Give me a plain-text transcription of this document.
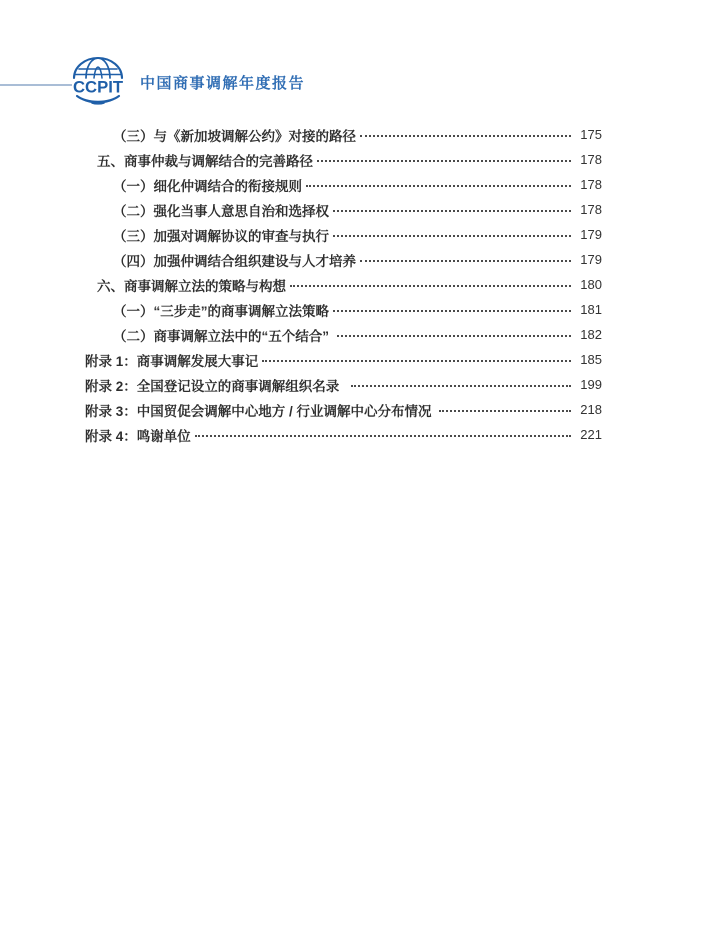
CCPIT 中国商事调解年度报告
（三）与《新加坡调解公约》对接的路径	175
五、商事仲裁与调解结合的完善路径	178
（一）细化仲调结合的衔接规则	178
（二）强化当事人意思自治和选择权	178
（三）加强对调解协议的审查与执行	179
（四）加强仲调结合组织建设与人才培养	179
六、商事调解立法的策略与构想	180
（一）“三步走”的商事调解立法策略	181
（二）商事调解立法中的“五个结合”	182
附录 1：商事调解发展大事记	185
附录 2：全国登记设立的商事调解组织名录	199
附录 3：中国贸促会调解中心地方 / 行业调解中心分布情况	218
附录 4：鸣谢单位	221
